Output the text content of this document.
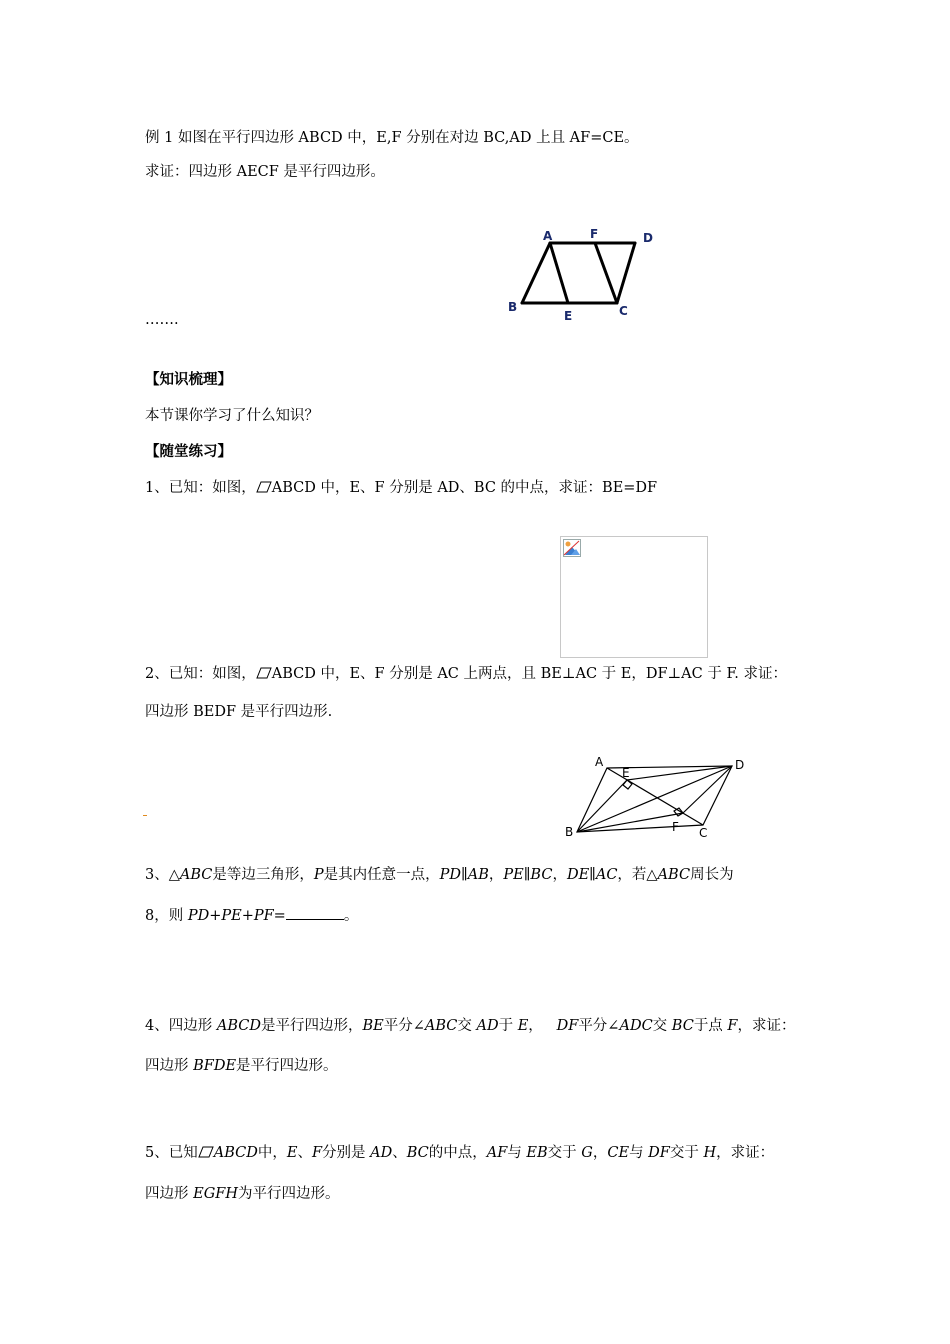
例 1 如图在平行四边形 ABCD 中，E,F 分别在对边 BC,AD 上且 AF=CE。
求证：四边形 AECF 是平行四边形。
A	F	D
B
E	C
…….
【知识梳理】
本节课你学习了什么知识？
【随堂练习】
1、已知：如图， ABCD 中，E、F 分别是 AD、BC 的中点，求证：BE=DF
2、已知：如图， ABCD 中，E、F 分别是 AC 上两点，且 BE⊥AC 于 E，DF⊥AC 于 F. 求证：
四边形 BEDF 是平行四边形.
A
E
D
B	F C
3、△ABC是等边三角形，P是其内任意一点，PD∥AB，PE∥BC，DE∥AC，若△ABC周长为
8，则 PD+PE+PF=	。
4、四边形 ABCD是平行四边形，BE平分∠ABC交 AD于 E，   DF平分∠ADC交 BC于点 F，求证：
四边形 BFDE是平行四边形。
5、已知 ABCD中，E、F分别是 AD、BC的中点，AF与 EB交于 G，CE与 DF交于 H，求证：
四边形 EGFH为平行四边形。
